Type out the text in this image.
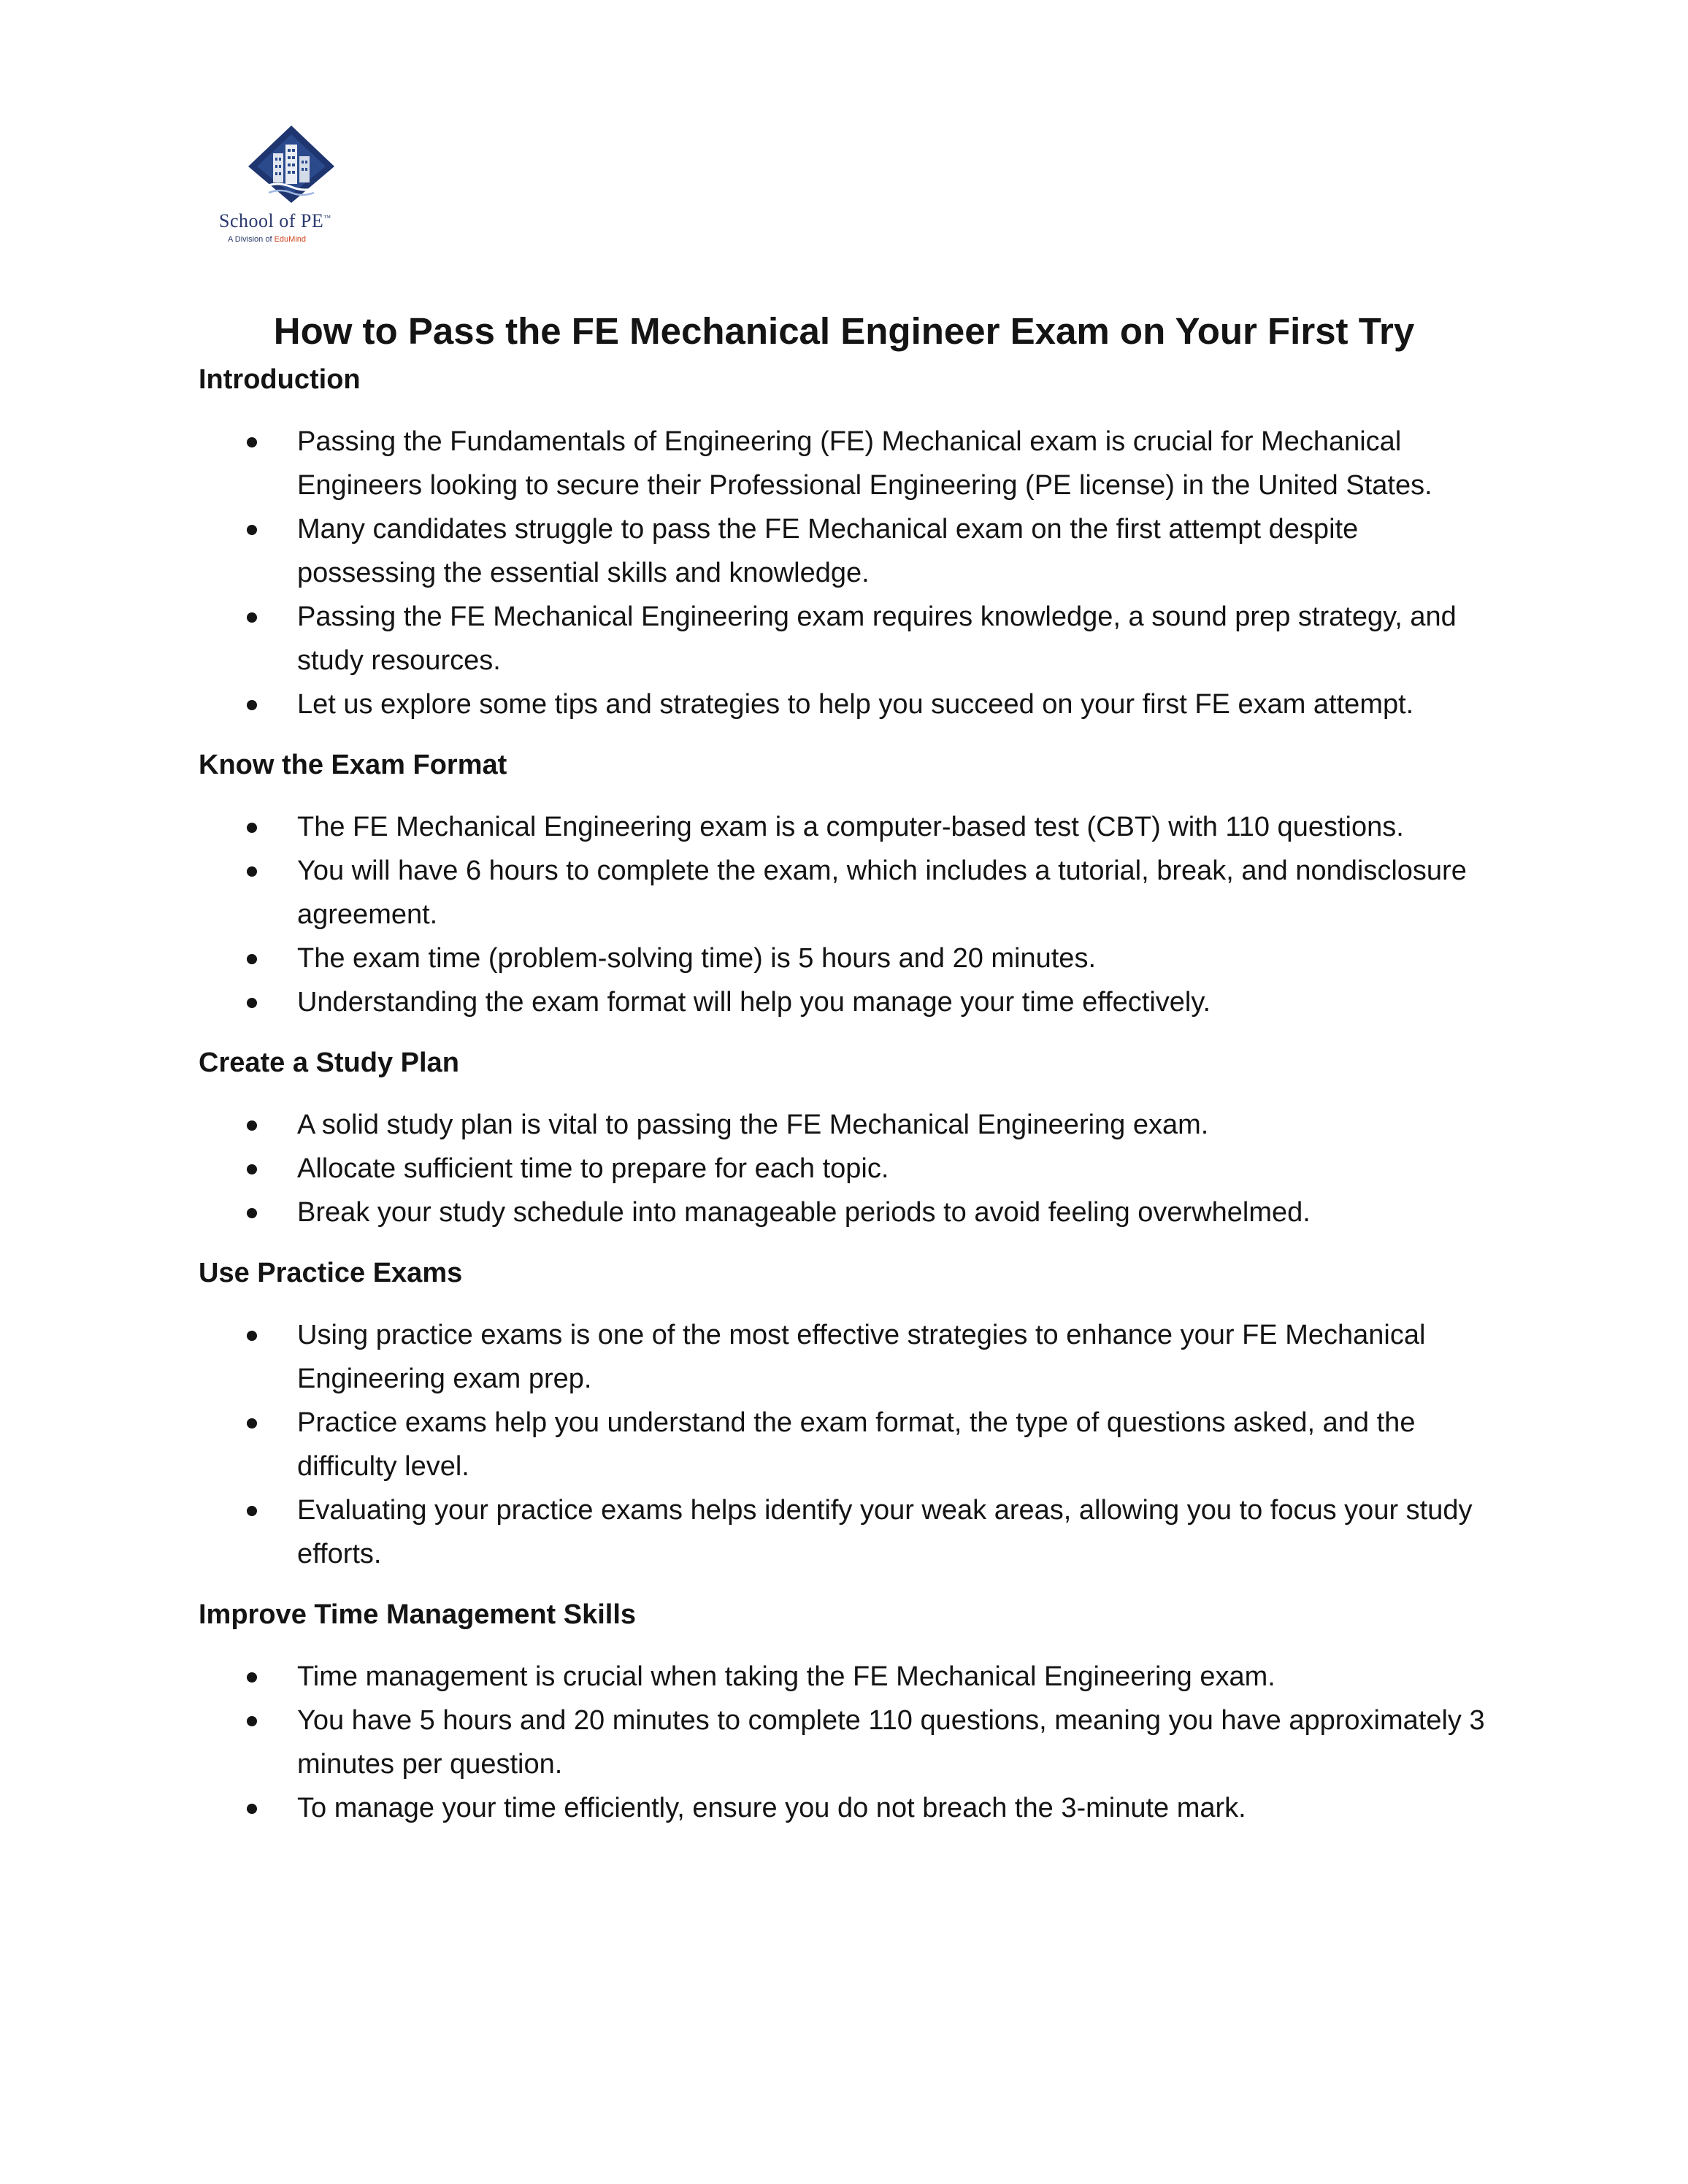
School of PE™
A Division of EduMind
How to Pass the FE Mechanical Engineer Exam on Your First Try
Introduction
Passing the Fundamentals of Engineering (FE) Mechanical exam is crucial for Mechanical Engineers looking to secure their Professional Engineering (PE license) in the United States.
Many candidates struggle to pass the FE Mechanical exam on the first attempt despite possessing the essential skills and knowledge.
Passing the FE Mechanical Engineering exam requires knowledge, a sound prep strategy, and study resources.
Let us explore some tips and strategies to help you succeed on your first FE exam attempt.
Know the Exam Format
The FE Mechanical Engineering exam is a computer-based test (CBT) with 110 questions.
You will have 6 hours to complete the exam, which includes a tutorial, break, and nondisclosure agreement.
The exam time (problem-solving time) is 5 hours and 20 minutes.
Understanding the exam format will help you manage your time effectively.
Create a Study Plan
A solid study plan is vital to passing the FE Mechanical Engineering exam.
Allocate sufficient time to prepare for each topic.
Break your study schedule into manageable periods to avoid feeling overwhelmed.
Use Practice Exams
Using practice exams is one of the most effective strategies to enhance your FE Mechanical Engineering exam prep.
Practice exams help you understand the exam format, the type of questions asked, and the difficulty level.
Evaluating your practice exams helps identify your weak areas, allowing you to focus your study efforts.
Improve Time Management Skills
Time management is crucial when taking the FE Mechanical Engineering exam.
You have 5 hours and 20 minutes to complete 110 questions, meaning you have approximately 3 minutes per question.
To manage your time efficiently, ensure you do not breach the 3-minute mark.
